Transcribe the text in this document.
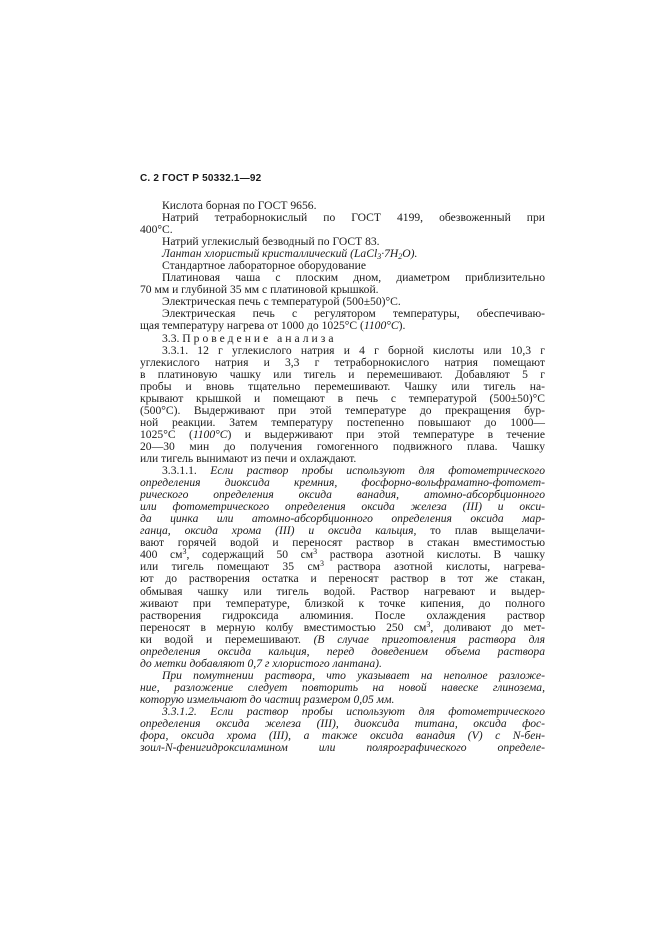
С. 2 ГОСТ Р 50332.1—92
Кислота борная по ГОСТ 9656.
Натрий тетраборнокислый по ГОСТ 4199, обезвоженный при
400°С.
Натрий углекислый безводный по ГОСТ 83.
Лантан хлористый кристаллический $(LaCl_3\cdot 7H_2O)$.
Стандартное лабораторное оборудование
Платиновая чаша с плоским дном, диаметром приблизительно
70 мм и глубиной 35 мм с платиновой крышкой.
Электрическая печь с температурой (500±50)°С.
Электрическая печь с регулятором температуры, обеспечиваю-
щая температуру нагрева от 1000 до 1025°С (1100°C).
3.3. Проведение анализа
3.3.1. 12 г углекислого натрия и 4 г борной кислоты или 10,3 г
углекислого натрия и 3,3 г тетраборнокислого натрия помещают
в платиновую чашку или тигель и перемешивают. Добавляют 5 г
пробы и вновь тщательно перемешивают. Чашку или тигель на-
крывают крышкой и помещают в печь с температурой (500±50)°С
(500°С). Выдерживают при этой температуре до прекращения бур-
ной реакции. Затем температуру постепенно повышают до 1000—
1025°С (1100°C) и выдерживают при этой температуре в течение
20—30 мин до получения гомогенного подвижного плава. Чашку
или тигель вынимают из печи и охлаждают.
3.3.1.1. Если раствор пробы используют для фотометрического
определения диоксида кремния, фосфорно-вольфраматно-фотомет-
рического определения оксида ванадия, атомно-абсорбционного
или фотометрического определения оксида железа (III) и окси-
да цинка или атомно-абсорбционного определения оксида мар-
ганца, оксида хрома (III) и оксида кальция, то плав выщелачи-
вают горячей водой и переносят раствор в стакан вместимостью
400 $см^3$, содержащий 50 $см^3$ раствора азотной кислоты. В чашку
или тигель помещают 35 $см^3$ раствора азотной кислоты, нагрева-
ют до растворения остатка и переносят раствор в тот же стакан,
обмывая чашку или тигель водой. Раствор нагревают и выдер-
живают при температуре, близкой к точке кипения, до полного
растворения гидроксида алюминия. После охлаждения раствор
переносят в мерную колбу вместимостью 250 $см^3$, доливают до мет-
ки водой и перемешивают. (В случае приготовления раствора для
определения оксида кальция, перед доведением объема раствора
до метки добавляют 0,7 г хлористого лантана).
При помутнении раствора, что указывает на неполное разложе-
ние, разложение следует повторить на новой навеске глинозема,
которую измельчают до частиц размером 0,05 мм.
3.3.1.2. Если раствор пробы используют для фотометрического
определения оксида железа (III), диоксида титана, оксида фос-
фора, оксида хрома (III), а также оксида ванадия (V) с N-бен-
зоил-N-фенигидроксиламином или полярографического определе-
